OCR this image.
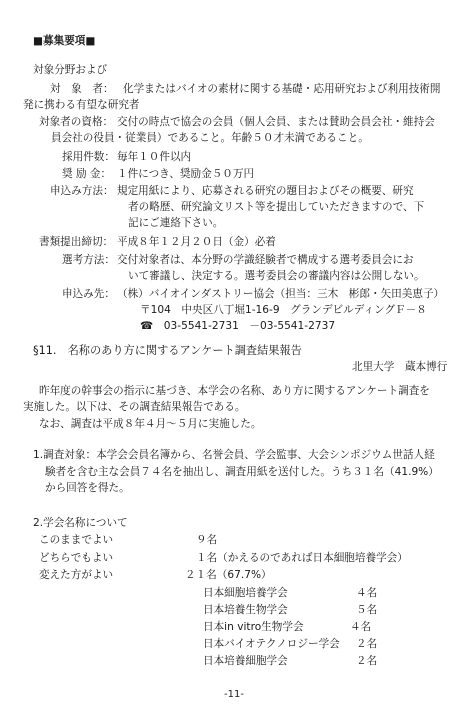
■募集要項■
対象分野および
対　象　者： 化学またはバイオの素材に関する基礎・応用研究および利用技術開
発に携わる有望な研究者
対象者の資格： 交付の時点で協会の会員（個人会員、または賛助会員会社・維持会
員会社の役員・従業員）であること。年齢５０才未満であること。
採用件数： 毎年１０件以内
奨 励 金： １件につき、奨励金５０万円
申込み方法： 規定用紙により、応募される研究の題目およびその概要、研究
者の略歴、研究論文リスト等を提出していただきますので、下
記にご連絡下さい。
書類提出締切： 平成８年１２月２０日（金）必着
選考方法： 交付対象者は、本分野の学識経験者で構成する選考委員会にお
いて審議し、決定する。選考委員会の審議内容は公開しない。
申込み先： （株）バイオインダストリー協会（担当：三木　彬郎・矢田美恵子）
〒104　中央区八丁堀1-16-9　グランデビルディングＦ－８
☎　03-5541-2731　－03-5541-2737
§11.　名称のあり方に関するアンケート調査結果報告
北里大学　蔵本博行
昨年度の幹事会の指示に基づき、本学会の名称、あり方に関するアンケート調査を
実施した。以下は、その調査結果報告である。
なお、調査は平成８年４月～５月に実施した。
1.調査対象：本学会会員名簿から、名誉会員、学会監事、大会シンポジウム世話人経
験者を含む主な会員７４名を抽出し、調査用紙を送付した。うち３１名（41.9%）
から回答を得た。
2.学会名称について
このままでよい	９名
どちらでもよい	１名（かえるのであれば日本細胞培養学会）
変えた方がよい	２１名（67.7%）
日本細胞培養学会	４名
日本培養生物学会	５名
日本in vitro生物学会	４名
日本バイオテクノロジー学会 ２名
日本培養細胞学会	２名
-11-
